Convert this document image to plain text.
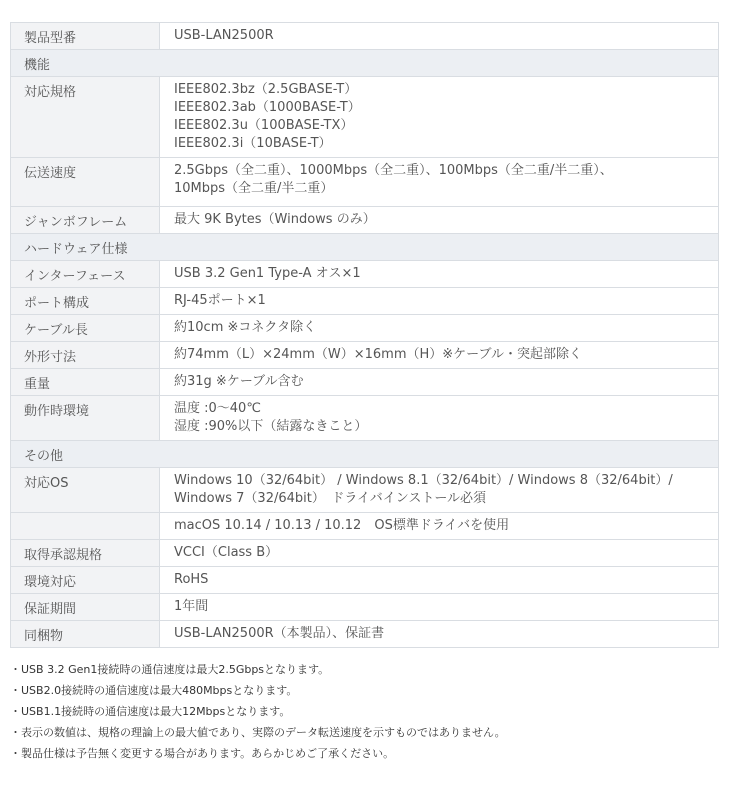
製品型番	USB-LAN2500R

機能	
対応規格	IEEE802.3bz（2.5GBASE-T）
IEEE802.3ab（1000BASE-T）
IEEE802.3u（100BASE-TX）
IEEE802.3i（10BASE-T）

伝送速度	2.5Gbps（全二重）、1000Mbps（全二重）、100Mbps（全二重/半二重）、
10Mbps（全二重/半二重）

ジャンボフレーム	最大 9K Bytes（Windows のみ）

ハードウェア仕様	
インターフェース	USB 3.2 Gen1 Type-A オス×1

ポート構成	RJ-45ポート×1

ケーブル長	約10cm ※コネクタ除く

外形寸法	約74mm（L）×24mm（W）×16mm（H）※ケーブル・突起部除く

重量	約31g ※ケーブル含む

動作時環境	温度 :0～40℃
湿度 :90%以下（結露なきこと）

その他	
対応OS	Windows 10（32/64bit） / Windows 8.1（32/64bit）/ Windows 8（32/64bit）/
Windows 7（32/64bit）　ドライバインストール必須

	macOS 10.14 / 10.13 / 10.12　OS標準ドライバを使用

取得承認規格	VCCI（Class B）

環境対応	RoHS

保証期間	1年間

同梱物	USB-LAN2500R（本製品）、保証書
・USB 3.2 Gen1接続時の通信速度は最大2.5Gbpsとなります。
・USB2.0接続時の通信速度は最大480Mbpsとなります。
・USB1.1接続時の通信速度は最大12Mbpsとなります。
・表示の数値は、規格の理論上の最大値であり、実際のデータ転送速度を示すものではありません。
・製品仕様は予告無く変更する場合があります。あらかじめご了承ください。
